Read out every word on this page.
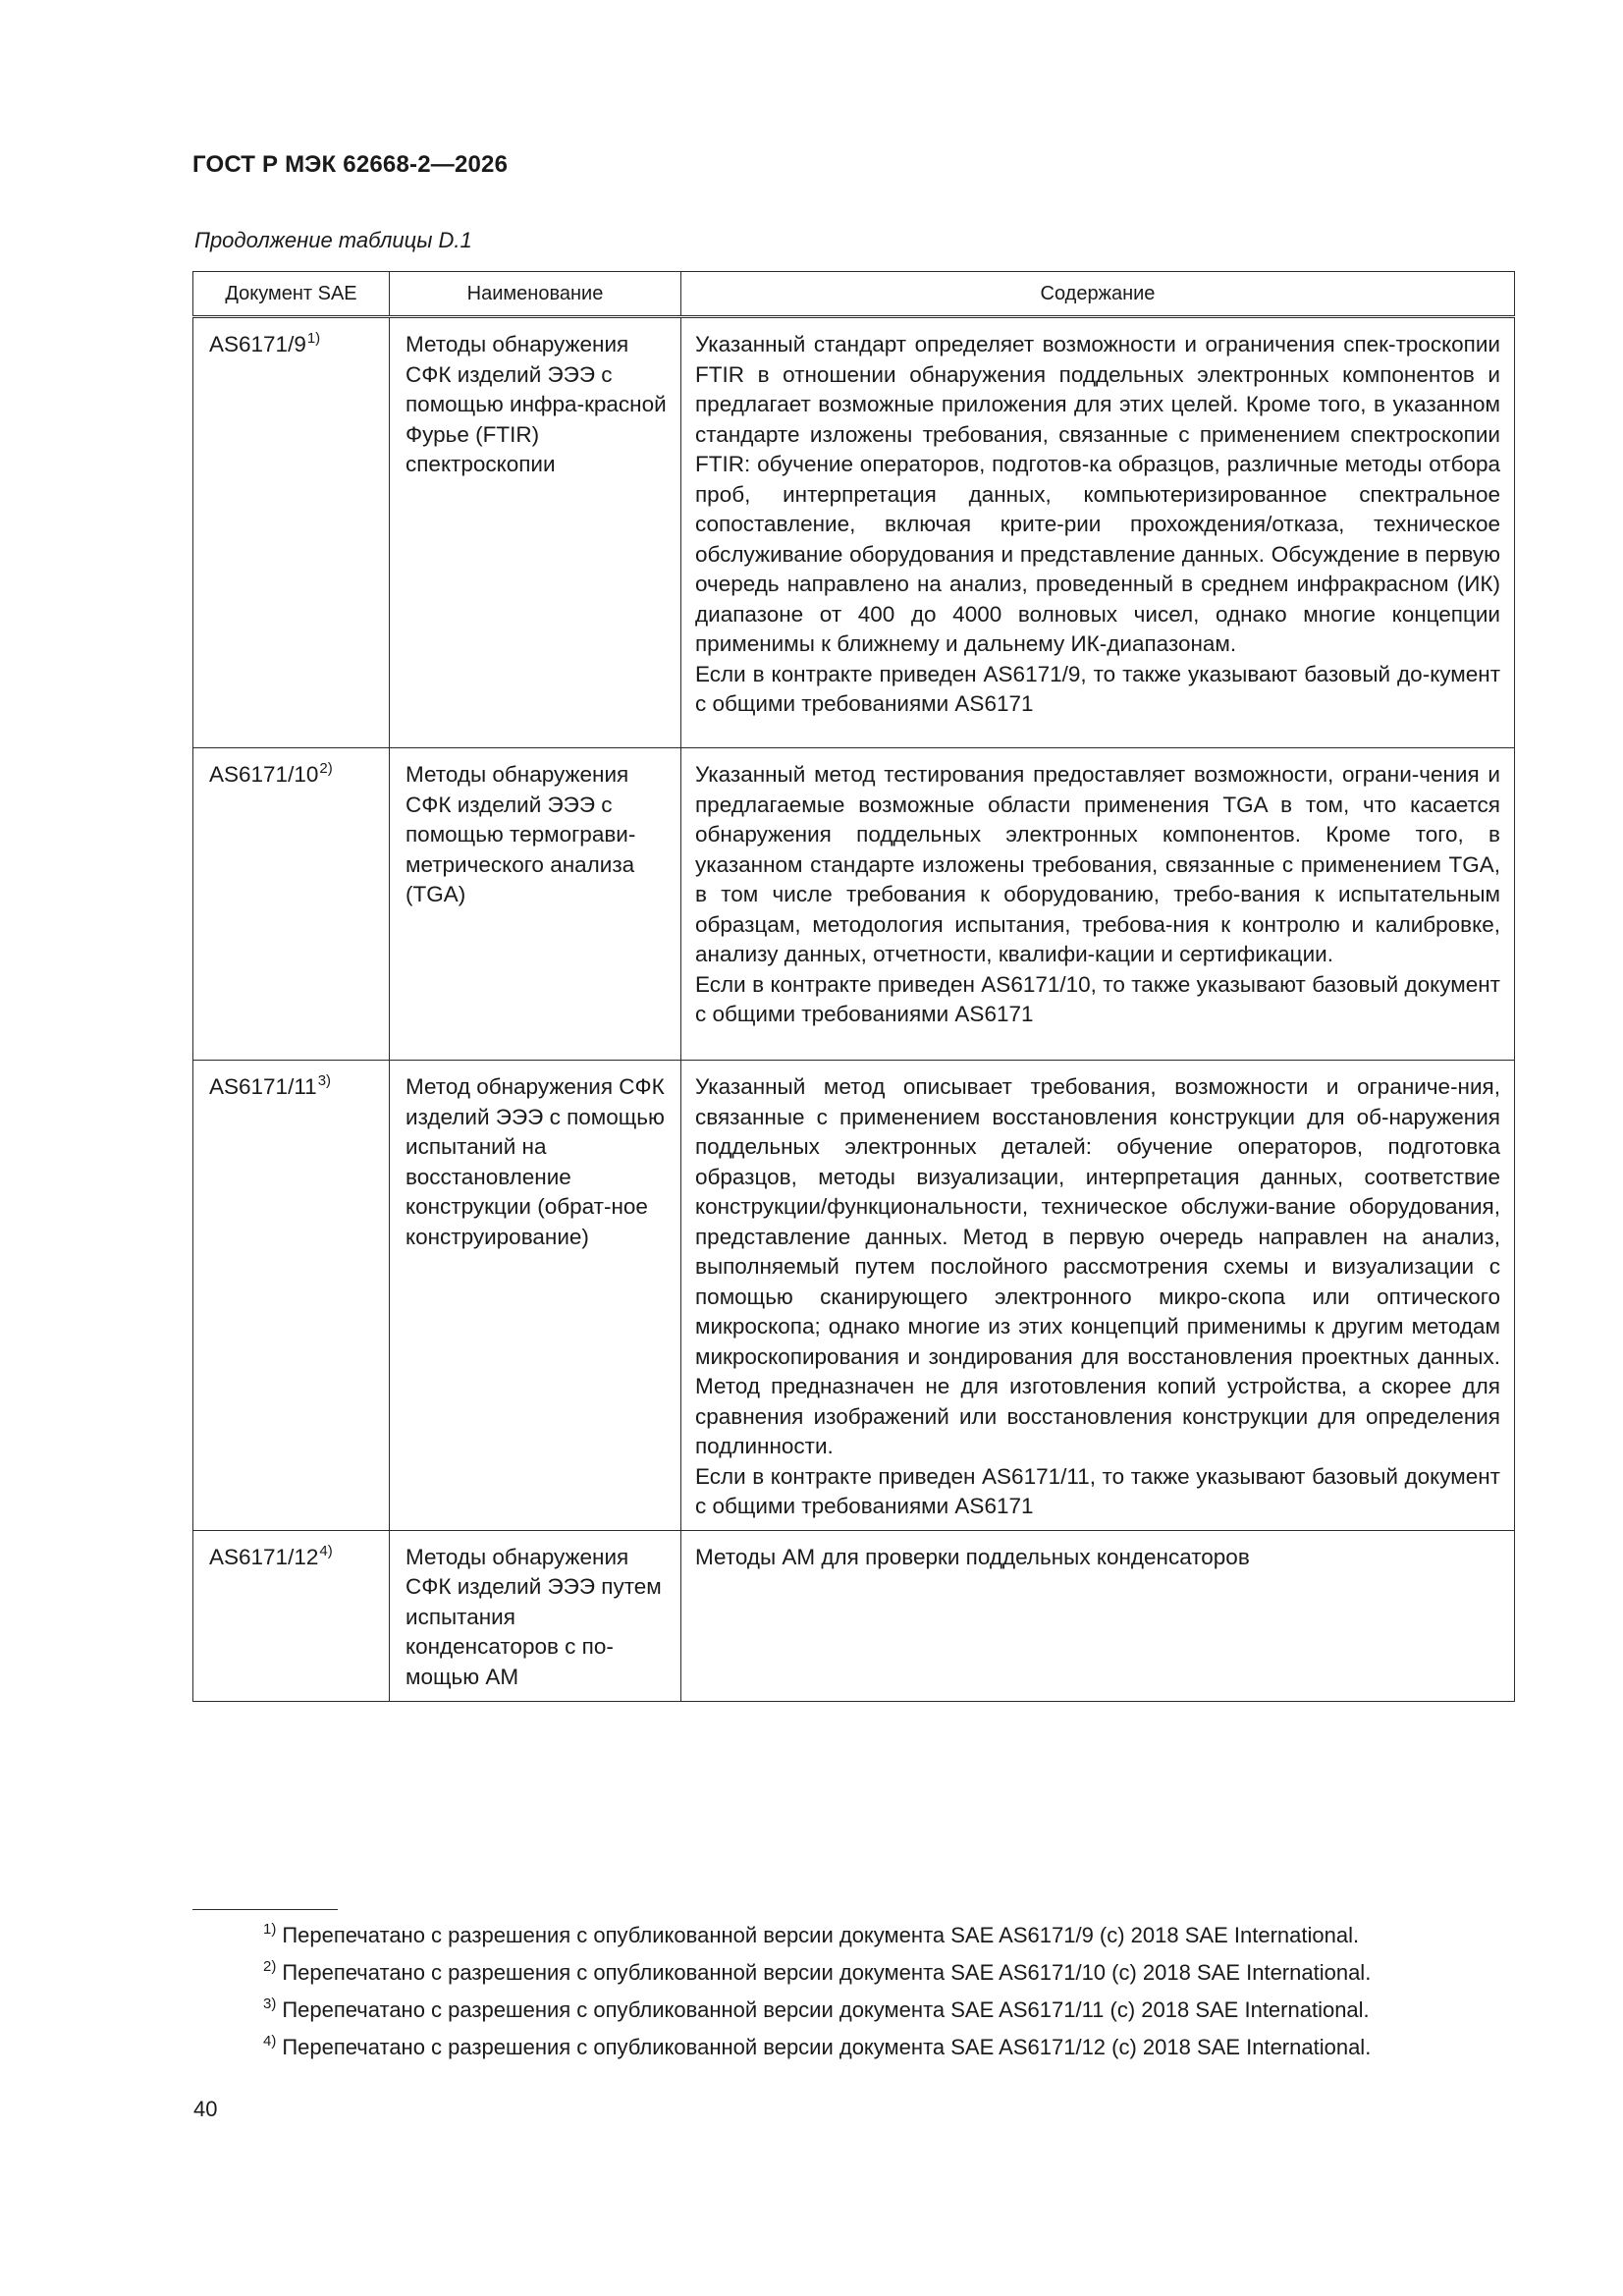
ГОСТ Р МЭК 62668-2—2026
Продолжение таблицы D.1
Документ SAE	Наименование	Содержание
AS6171/9$^{1)}$	Методы обнаружения СФК изделий ЭЭЭ с помощью инфра-красной Фурье (FTIR) спектроскопии	Указанный стандарт определяет возможности и ограничения спек-троскопии FTIR в отношении обнаружения поддельных электронных компонентов и предлагает возможные приложения для этих целей. Кроме того, в указанном стандарте изложены требования, связанные с применением спектроскопии FTIR: обучение операторов, подготов-ка образцов, различные методы отбора проб, интерпретация данных, компьютеризированное спектральное сопоставление, включая крите-рии прохождения/отказа, техническое обслуживание оборудования и представление данных. Обсуждение в первую очередь направлено на анализ, проведенный в среднем инфракрасном (ИК) диапазоне от 400 до 4000 волновых чисел, однако многие концепции применимы к ближнему и дальнему ИК-диапазонам.

Если в контракте приведен AS6171/9, то также указывают базовый до-кумент с общими требованиями AS6171

AS6171/10$^{2)}$	Методы обнаружения СФК изделий ЭЭЭ с помощью термограви-метрического анализа (TGA)	Указанный метод тестирования предоставляет возможности, ограни-чения и предлагаемые возможные области применения TGA в том, что касается обнаружения поддельных электронных компонентов. Кроме того, в указанном стандарте изложены требования, связанные с применением TGA, в том числе требования к оборудованию, требо-вания к испытательным образцам, методология испытания, требова-ния к контролю и калибровке, анализу данных, отчетности, квалифи-кации и сертификации.

Если в контракте приведен AS6171/10, то также указывают базовый документ с общими требованиями AS6171

AS6171/11$^{3)}$	Метод обнаружения СФК изделий ЭЭЭ с помощью испытаний на восстановление конструкции (обрат-ное конструирование)	Указанный метод описывает требования, возможности и ограниче-ния, связанные с применением восстановления конструкции для об-наружения поддельных электронных деталей: обучение операторов, подготовка образцов, методы визуализации, интерпретация данных, соответствие конструкции/функциональности, техническое обслужи-вание оборудования, представление данных. Метод в первую очередь направлен на анализ, выполняемый путем послойного рассмотрения схемы и визуализации с помощью сканирующего электронного микро-скопа или оптического микроскопа; однако многие из этих концепций применимы к другим методам микроскопирования и зондирования для восстановления проектных данных. Метод предназначен не для изготовления копий устройства, а скорее для сравнения изображений или восстановления конструкции для определения подлинности.

Если в контракте приведен AS6171/11, то также указывают базовый документ с общими требованиями AS6171

AS6171/12$^{4)}$	Методы обнаружения СФК изделий ЭЭЭ путем испытания конденсаторов с по-мощью АМ	Методы АМ для проверки поддельных конденсаторов

$^{1)}$ Перепечатано с разрешения с опубликованной версии документа SAE AS6171/9 (c) 2018 SAE International.
$^{2)}$ Перепечатано с разрешения с опубликованной версии документа SAE AS6171/10 (c) 2018 SAE International.
$^{3)}$ Перепечатано с разрешения с опубликованной версии документа SAE AS6171/11 (c) 2018 SAE International.
$^{4)}$ Перепечатано с разрешения с опубликованной версии документа SAE AS6171/12 (c) 2018 SAE International.
40
